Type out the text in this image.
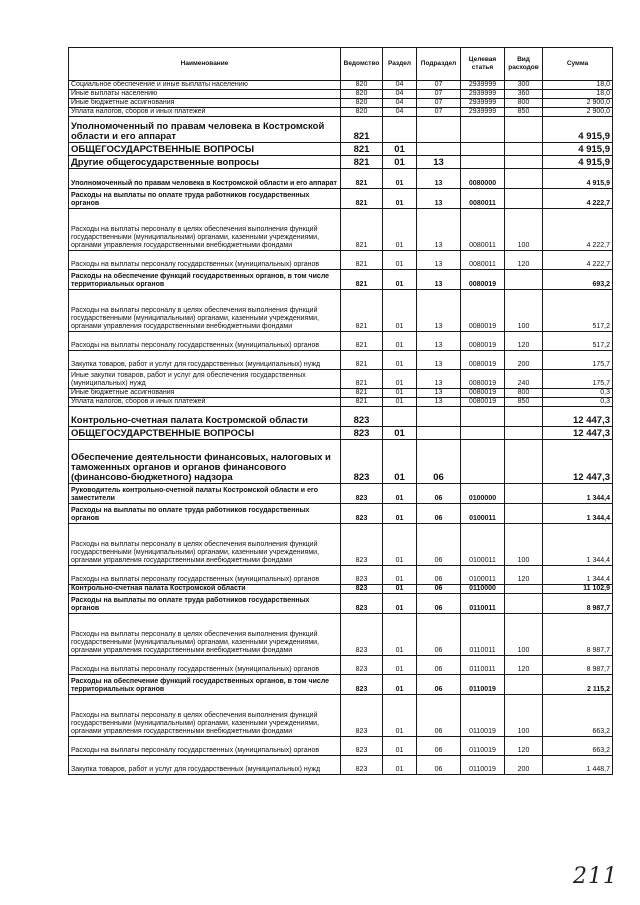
Наименование	Ведомство	Раздел	Подраздел	Целевая статья	Вид расходов	Сумма
Социальное обеспечение и иные выплаты населению	820	04	07	2939999	300	18,0
Иные выплаты населению	820	04	07	2939999	360	18,0
Иные бюджетные ассигнования	820	04	07	2939999	800	2 900,0
Уплата налогов, сборов и иных платежей	820	04	07	2939999	850	2 900,0
Уполномоченный по правам человека в Костромской области и его аппарат	821					4 915,9
ОБЩЕГОСУДАРСТВЕННЫЕ ВОПРОСЫ	821	01				4 915,9
Другие общегосударственные вопросы	821	01	13			4 915,9
Уполномоченный по правам человека в Костромской области и его аппарат	821	01	13	0080000		4 915,9
Расходы на выплаты по оплате труда работников государственных органов	821	01	13	0080011		4 222,7
Расходы на выплаты персоналу в целях обеспечения выполнения функций государственными (муниципальными) органами, казенными учреждениями, органами управления государственными внебюджетными фондами	821	01	13	0080011	100	4 222,7
Расходы на выплаты персоналу государственных (муниципальных) органов	821	01	13	0080011	120	4 222,7
Расходы на обеспечение функций государственных органов, в том числе территориальных органов	821	01	13	0080019		693,2
Расходы на выплаты персоналу в целях обеспечения выполнения функций государственными (муниципальными) органами, казенными учреждениями, органами управления государственными внебюджетными фондами	821	01	13	0080019	100	517,2
Расходы на выплаты персоналу государственных (муниципальных) органов	821	01	13	0080019	120	517,2
Закупка товаров, работ и услуг для государственных (муниципальных) нужд	821	01	13	0080019	200	175,7
Иные закупки товаров, работ и услуг для обеспечения государственных (муниципальных) нужд	821	01	13	0080019	240	175,7
Иные бюджетные ассигнования	821	01	13	0080019	800	0,3
Уплата налогов, сборов и иных платежей	821	01	13	0080019	850	0,3
Контрольно-счетная палата Костромской области	823					12 447,3
ОБЩЕГОСУДАРСТВЕННЫЕ ВОПРОСЫ	823	01				12 447,3
Обеспечение деятельности финансовых, налоговых и таможенных органов и органов финансового (финансово-бюджетного) надзора	823	01	06			12 447,3
Руководитель контрольно-счетной палаты Костромской области и его заместители	823	01	06	0100000		1 344,4
Расходы на выплаты по оплате труда работников государственных органов	823	01	06	0100011		1 344,4
Расходы на выплаты персоналу в целях обеспечения выполнения функций государственными (муниципальными) органами, казенными учреждениями, органами управления государственными внебюджетными фондами	823	01	06	0100011	100	1 344,4
Расходы на выплаты персоналу государственных (муниципальных) органов	823	01	06	0100011	120	1 344,4
Контрольно-счетная палата Костромской области	823	01	06	0110000		11 102,9
Расходы на выплаты по оплате труда работников государственных органов	823	01	06	0110011		8 987,7
Расходы на выплаты персоналу в целях обеспечения выполнения функций государственными (муниципальными) органами, казенными учреждениями, органами управления государственными внебюджетными фондами	823	01	06	0110011	100	8 987,7
Расходы на выплаты персоналу государственных (муниципальных) органов	823	01	06	0110011	120	8 987,7
Расходы на обеспечение функций государственных органов, в том числе территориальных органов	823	01	06	0110019		2 115,2
Расходы на выплаты персоналу в целях обеспечения выполнения функций государственными (муниципальными) органами, казенными учреждениями, органами управления государственными внебюджетными фондами	823	01	06	0110019	100	663,2
Расходы на выплаты персоналу государственных (муниципальных) органов	823	01	06	0110019	120	663,2
Закупка товаров, работ и услуг для государственных (муниципальных) нужд	823	01	06	0110019	200	1 448,7
211
